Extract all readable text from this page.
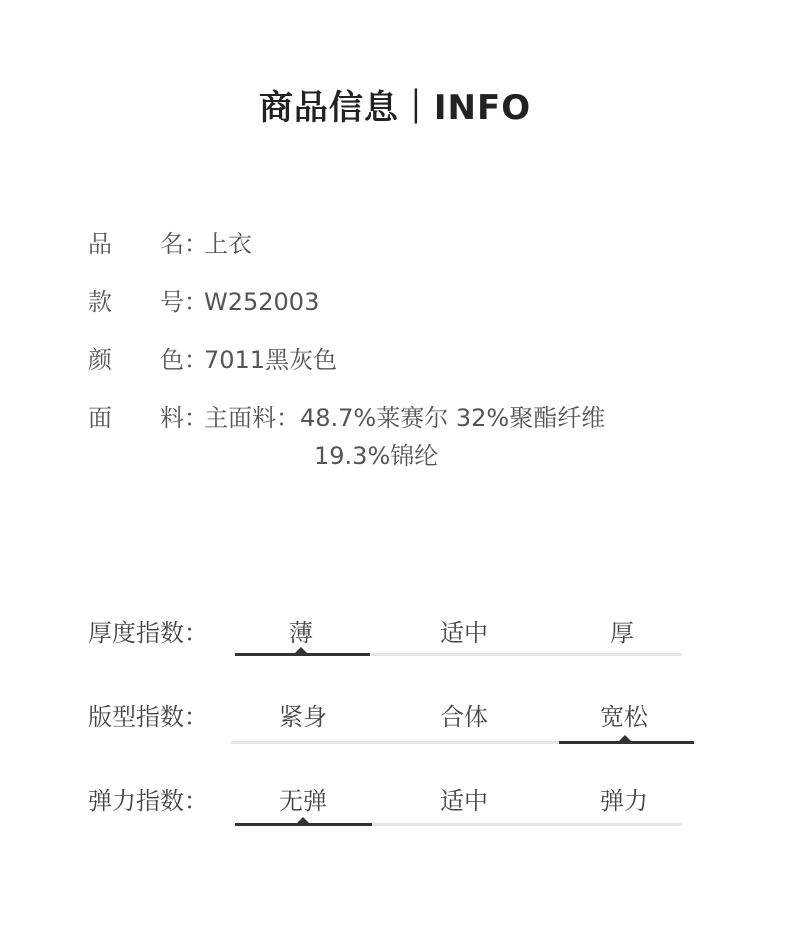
商品信息｜INFO
品 名 ：
上衣
款 号 ：
W252003
颜 色 ：
7011黑灰色
面 料 ：
主面料：48.7%莱赛尔 32%聚酯纤维
19.3%锦纶
厚度指数：	薄	适中	厚
版型指数：	紧身	合体	宽松
弹力指数：	无弹	适中	弹力
